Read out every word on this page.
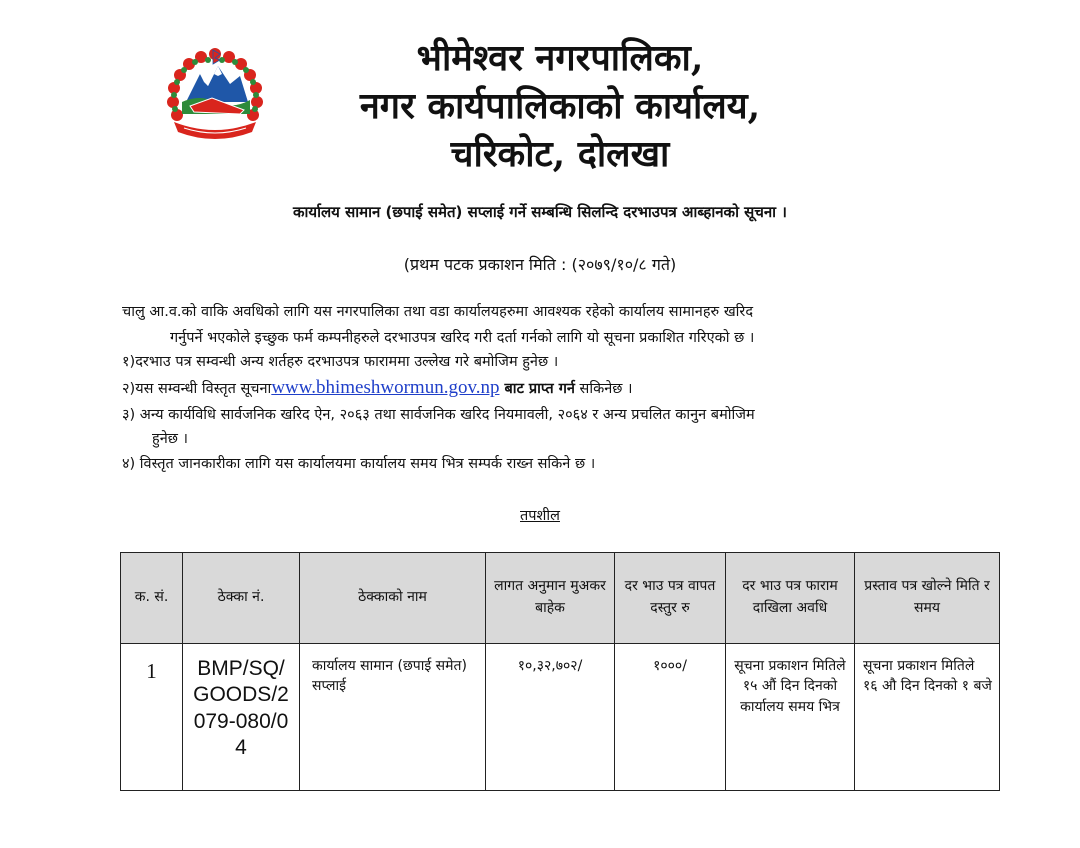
भीमेश्वर नगरपालिका,
नगर कार्यपालिकाको कार्यालय,
चरिकोट, दोलखा
कार्यालय सामान (छपाई समेत) सप्लाई गर्ने सम्बन्धि सिलन्दि दरभाउपत्र आब्हानको सूचना ।
(प्रथम पटक प्रकाशन मिति : (२०७९/१०/८ गते)
चालु आ.व.को वाकि अवधिको लागि यस नगरपालिका तथा वडा कार्यालयहरुमा आवश्यक रहेको कार्यालय सामानहरु खरिद
गर्नुपर्ने भएकोले इच्छुक फर्म कम्पनीहरुले दरभाउपत्र खरिद गरी दर्ता गर्नको लागि यो सूचना प्रकाशित गरिएको छ ।
१)दरभाउ पत्र सम्वन्धी अन्य शर्तहरु दरभाउपत्र फाराममा उल्लेख गरे बमोजिम हुनेछ ।
२)यस सम्वन्धी विस्तृत सूचनाwww.bhimeshwormun.gov.np बाट प्राप्त गर्न सकिनेछ ।
३) अन्य कार्यविधि सार्वजनिक खरिद ऐन, २०६३ तथा सार्वजनिक खरिद नियमावली, २०६४ र अन्य प्रचलित कानुन बमोजिम
हुनेछ ।
४) विस्तृत जानकारीका लागि यस कार्यालयमा कार्यालय समय भित्र सम्पर्क राख्न सकिने छ ।
तपशील
क. सं.	ठेक्का नं.	ठेक्काको नाम	लागत अनुमान मुअकर बाहेक	दर भाउ पत्र वापत दस्तुर रु	दर भाउ पत्र फाराम दाखिला अवधि	प्रस्ताव पत्र खोल्ने मिति र समय
1	BMP/SQ/GOODS/2079-080/04	कार्यालय सामान (छपाई समेत) सप्लाई	१०,३२,७०२/	१०००/	सूचना प्रकाशन मितिले १५ औं दिन दिनको कार्यालय समय भित्र	सूचना प्रकाशन मितिले १६ औ दिन दिनको १ बजे
